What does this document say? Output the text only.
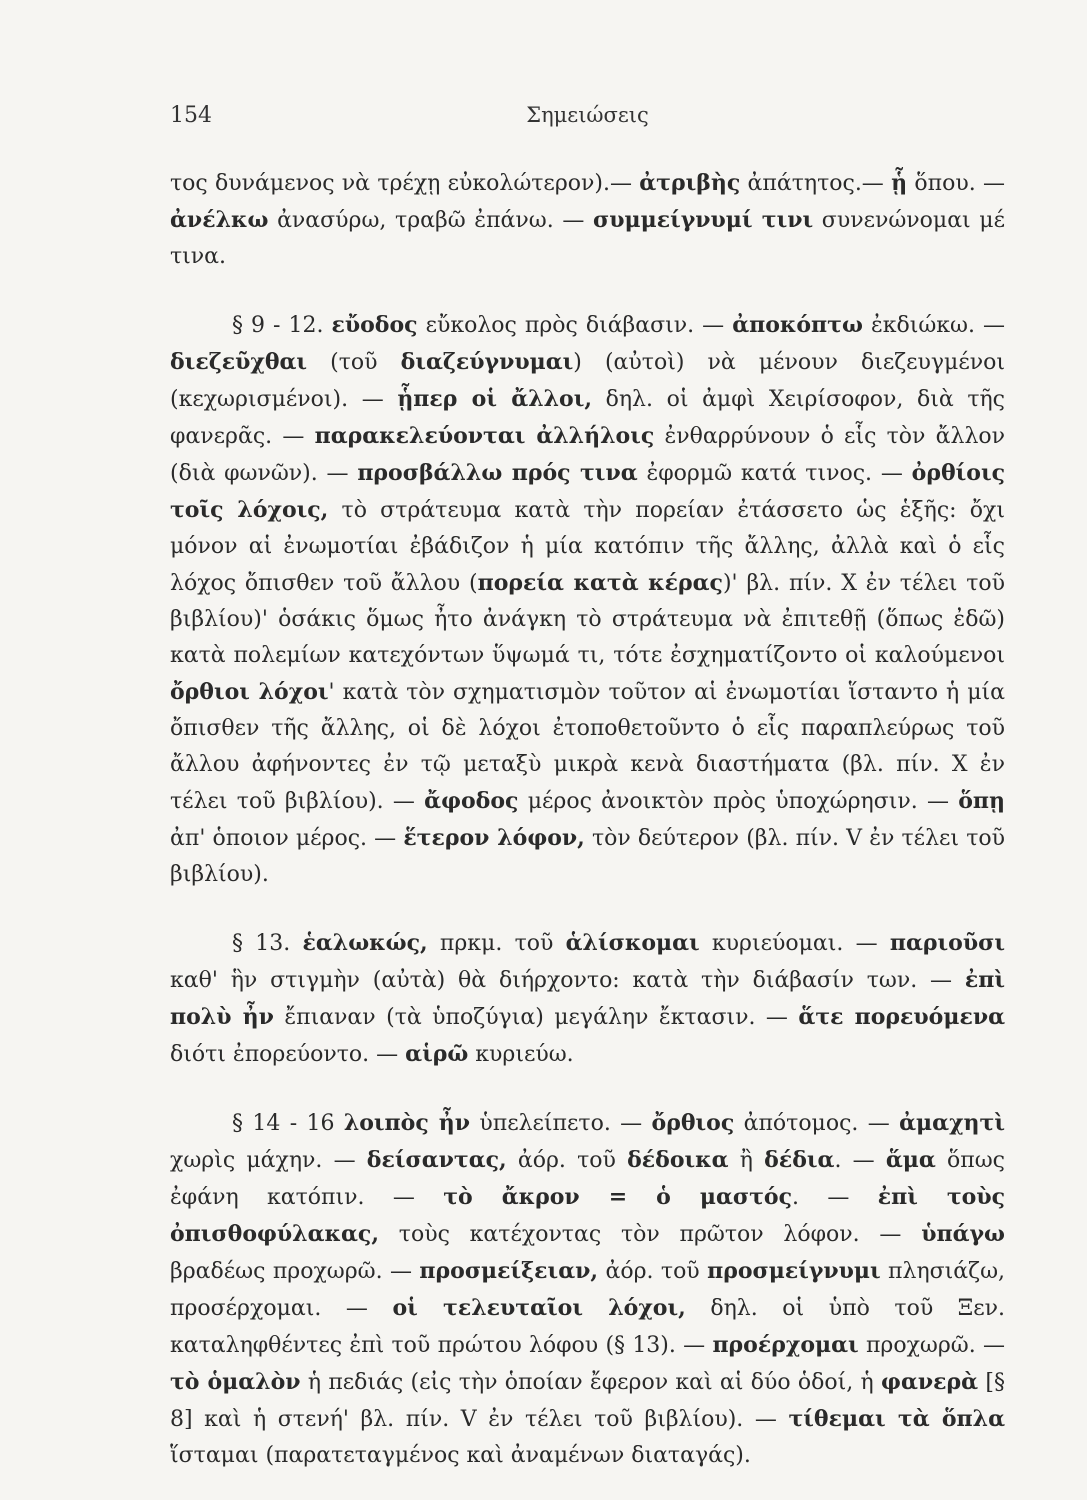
154	Σημειώσεις

τος δυνάμενος νὰ τρέχῃ εὐκολώτερον).— ἀτριβὴς ἀπάτητος.— ᾗ ὅπου. — ἀνέλκω ἀνασύρω, τραβῶ ἐπάνω. — συμμείγνυμί τινι συνενώνομαι μέ τινα.

§ 9 - 12. εὔοδος εὔκολος πρὸς διάβασιν. — ἀποκόπτω ἐκδιώκω. — διεζεῦχθαι (τοῦ διαζεύγνυμαι) (αὐτοὶ) νὰ μένουν διεζευγμένοι (κεχωρισμένοι). — ᾗπερ οἱ ἄλλοι, δηλ. οἱ ἀμφὶ Χειρίσοφον, διὰ τῆς φανερᾶς. — παρακελεύονται ἀλλήλοις ἐνθαρρύνουν ὁ εἷς τὸν ἄλλον (διὰ φωνῶν). — προσβάλλω πρός τινα ἐφορμῶ κατά τινος. — ὀρθίοις τοῖς λόχοις, τὸ στράτευμα κατὰ τὴν πορείαν ἐτάσσετο ὡς ἑξῆς: ὄχι μόνον αἱ ἐνωμοτίαι ἐβάδιζον ἡ μία κατόπιν τῆς ἄλλης, ἀλλὰ καὶ ὁ εἷς λόχος ὄπισθεν τοῦ ἄλλου (πορεία κατὰ κέρας)' βλ. πίν. Χ ἐν τέλει τοῦ βιβλίου)' ὁσάκις ὅμως ἦτο ἀνάγκη τὸ στράτευμα νὰ ἐπιτεθῇ (ὅπως ἐδῶ) κατὰ πολεμίων κατεχόντων ὕψωμά τι, τότε ἐσχηματίζοντο οἱ καλούμενοι ὄρθιοι λόχοι' κατὰ τὸν σχηματισμὸν τοῦτον αἱ ἐνωμοτίαι ἵσταντο ἡ μία ὄπισθεν τῆς ἄλλης, οἱ δὲ λόχοι ἐτοποθετοῦντο ὁ εἷς παραπλεύρως τοῦ ἄλλου ἀφήνοντες ἐν τῷ μεταξὺ μικρὰ κενὰ διαστήματα (βλ. πίν. Χ ἐν τέλει τοῦ βιβλίου). — ἄφοδος μέρος ἀνοικτὸν πρὸς ὑποχώρησιν. — ὅπῃ ἀπ' ὁποιον μέρος. — ἕτερον λόφον, τὸν δεύτερον (βλ. πίν. V ἐν τέλει τοῦ βιβλίου).

§ 13. ἑαλωκώς, πρκμ. τοῦ ἁλίσκομαι κυριεύομαι. — παριοῦσι καθ' ἣν στιγμὴν (αὐτὰ) θὰ διήρχοντο: κατὰ τὴν διάβασίν των. — ἐπὶ πολὺ ἦν ἔπιαναν (τὰ ὑποζύγια) μεγάλην ἔκτασιν. — ἅτε πορευόμενα διότι ἐπορεύοντο. — αἱρῶ κυριεύω.

§ 14 - 16 λοιπὸς ἦν ὑπελείπετο. — ὄρθιος ἀπότομος. — ἀμαχητὶ χωρὶς μάχην. — δείσαντας, ἀόρ. τοῦ δέδοικα ἢ δέδια. — ἅμα ὅπως ἐφάνη κατόπιν. — τὸ ἄκρον = ὁ μαστός. — ἐπὶ τοὺς ὀπισθοφύλακας, τοὺς κατέχοντας τὸν πρῶτον λόφον. — ὑπάγω βραδέως προχωρῶ. — προσμείξειαν, ἀόρ. τοῦ προσμείγνυμι πλησιάζω, προσέρχομαι. — οἱ τελευταῖοι λόχοι, δηλ. οἱ ὑπὸ τοῦ Ξεν. καταληφθέντες ἐπὶ τοῦ πρώτου λόφου (§ 13). — προέρχομαι προχωρῶ. — τὸ ὁμαλὸν ἡ πεδιάς (εἰς τὴν ὁποίαν ἔφερον καὶ αἱ δύο ὁδοί, ἡ φανερὰ [§ 8] καὶ ἡ στενή' βλ. πίν. V ἐν τέλει τοῦ βιβλίου). — τίθεμαι τὰ ὅπλα ἵσταμαι (παρατεταγμένος καὶ ἀναμένων διαταγάς).
